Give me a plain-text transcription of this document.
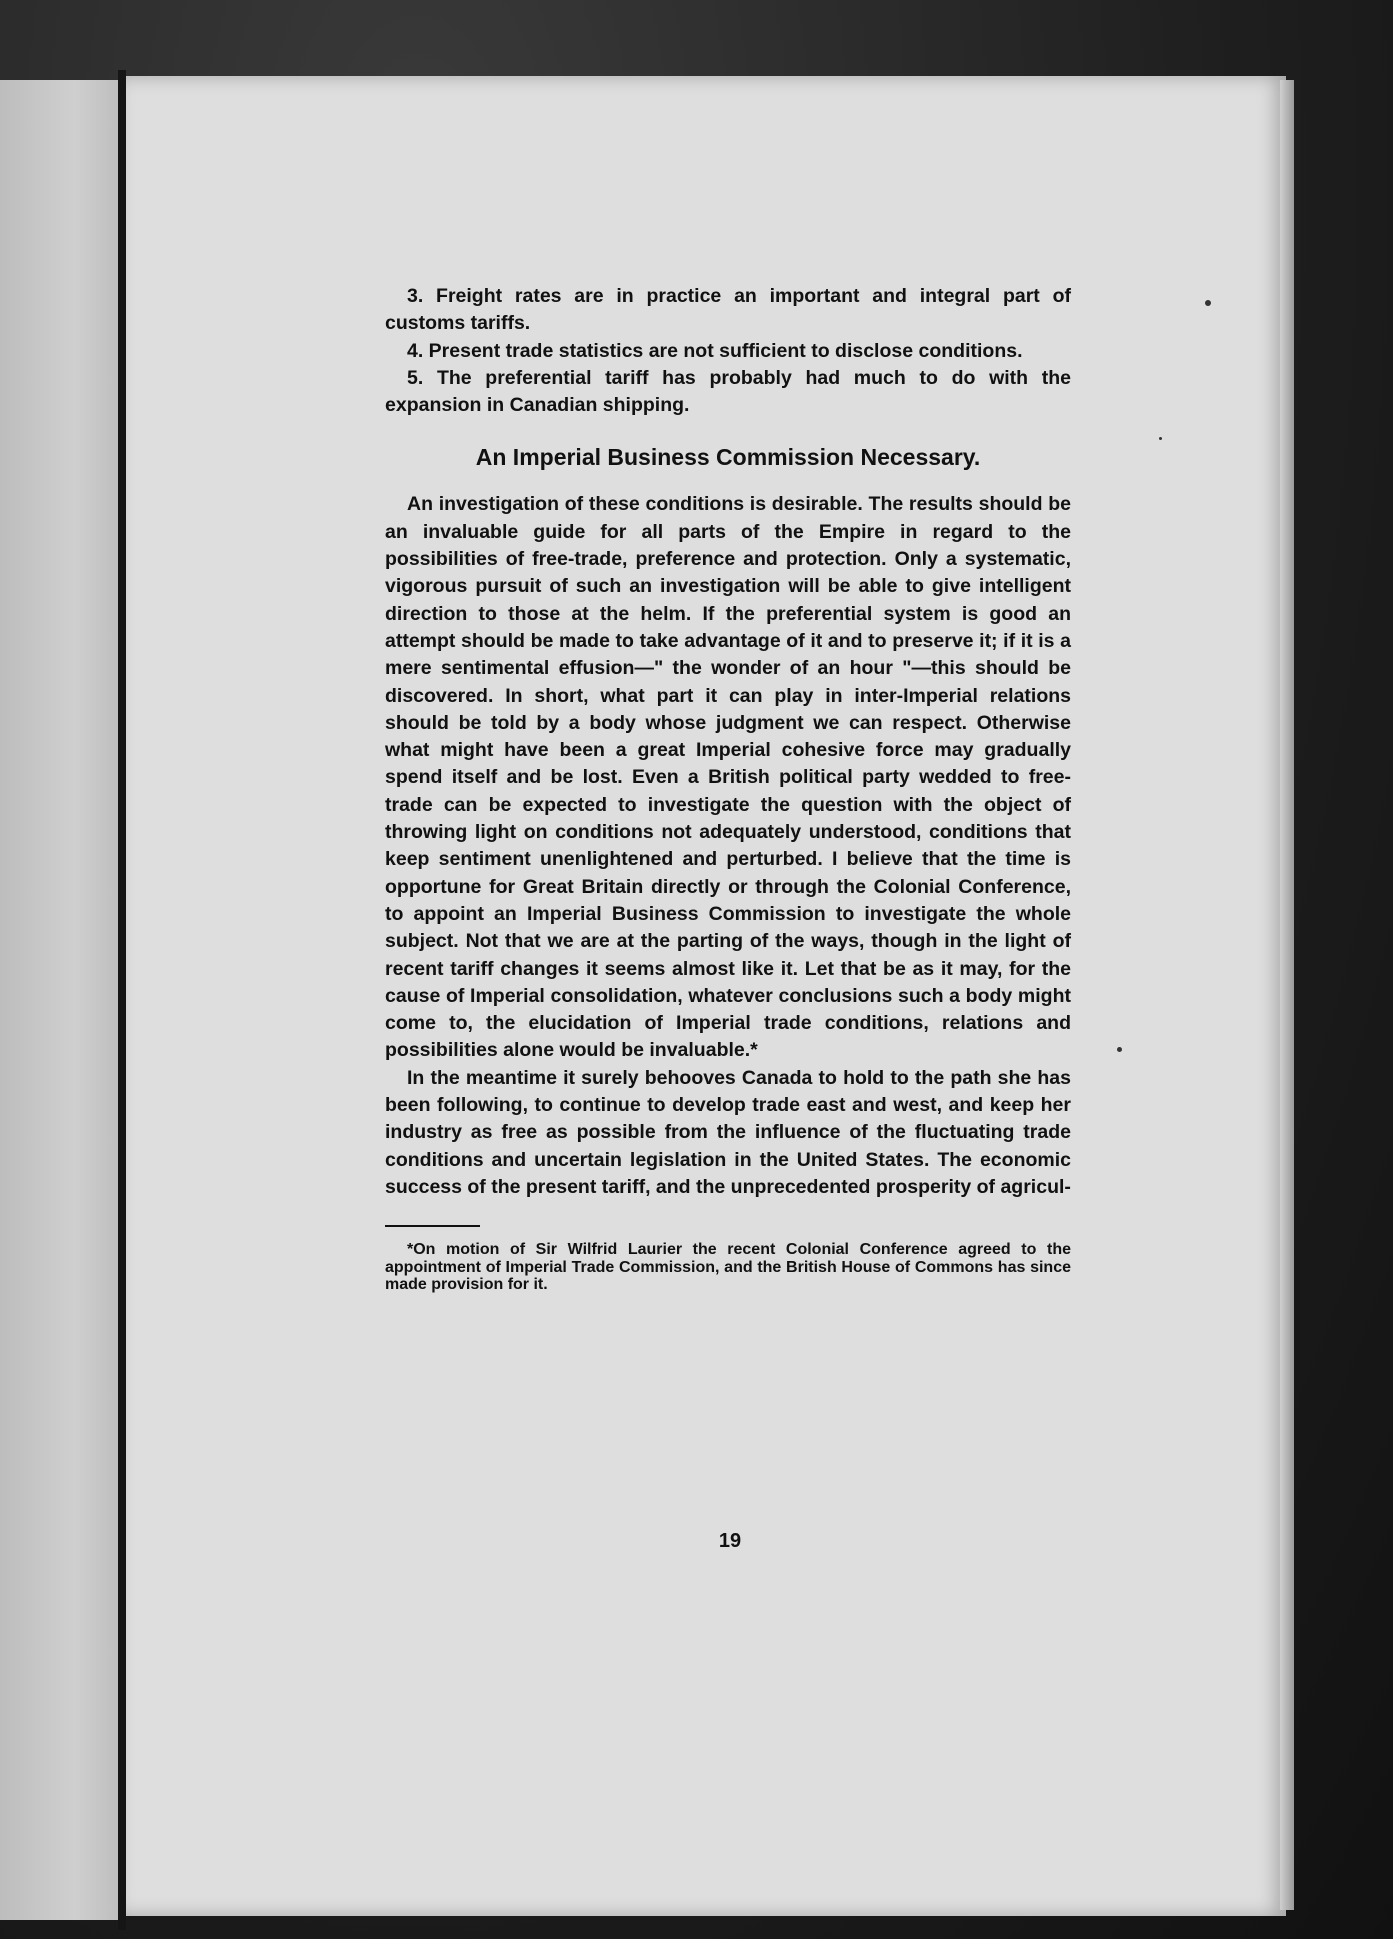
3. Freight rates are in practice an important and integral part of customs tariffs.

4. Present trade statistics are not sufficient to disclose conditions.

5. The preferential tariff has probably had much to do with the expansion in Canadian shipping.

An Imperial Business Commission Necessary.

An investigation of these conditions is desirable. The results should be an invaluable guide for all parts of the Empire in regard to the possibilities of free-trade, preference and protection. Only a systematic, vigorous pursuit of such an investigation will be able to give intelligent direction to those at the helm. If the preferential system is good an attempt should be made to take advantage of it and to preserve it; if it is a mere sentimental effusion—" the wonder of an hour "—this should be discovered. In short, what part it can play in inter-Imperial relations should be told by a body whose judgment we can respect. Otherwise what might have been a great Imperial cohesive force may gradually spend itself and be lost. Even a British political party wedded to free-trade can be expected to investigate the question with the object of throwing light on conditions not adequately understood, conditions that keep sentiment unenlightened and perturbed. I believe that the time is opportune for Great Britain directly or through the Colonial Conference, to appoint an Imperial Business Commission to investigate the whole subject. Not that we are at the parting of the ways, though in the light of recent tariff changes it seems almost like it. Let that be as it may, for the cause of Imperial consolidation, whatever conclusions such a body might come to, the elucidation of Imperial trade conditions, relations and possibilities alone would be invaluable.*

In the meantime it surely behooves Canada to hold to the path she has been following, to continue to develop trade east and west, and keep her industry as free as possible from the influence of the fluctuating trade conditions and uncertain legislation in the United States. The economic success of the present tariff, and the unprecedented prosperity of agricul-

*On motion of Sir Wilfrid Laurier the recent Colonial Conference agreed to the appointment of Imperial Trade Commission, and the British House of Commons has since made provision for it.

19
